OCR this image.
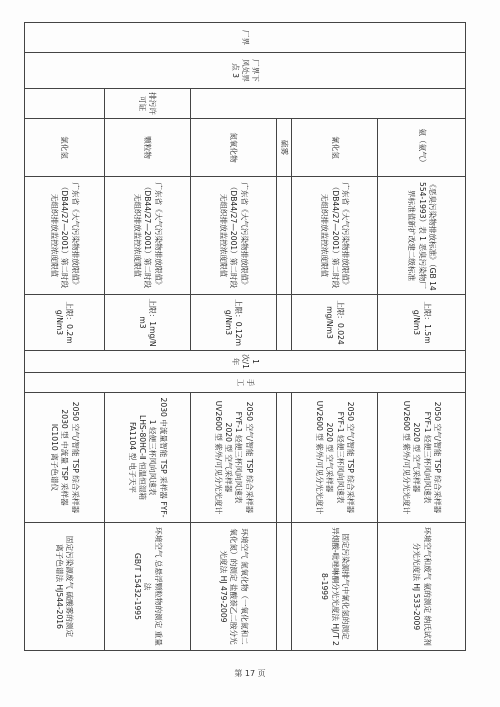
厂界	厂界下风处界点 3		氨（氨气）	《恶臭污染物排放标准》（GB 14554-1993）表 1 恶臭污染物厂界标准值新扩改建二级标准	上限：1.5mg/Nm3	1 次/1 年	手工	2050 空气/智能 TSP 综合采样器
FYF-1 轻便三杯风向风速表
2020 型 空气采样器
UV2600 型 紫外/可见分光光度计	环境空气和废气 氨的测定 纳氏试剂分光光度法 HJ 533-2009
			氰化氢	广东省《大气污染物排放限值》（DB44/27—2001）第二时段无组织排放监控浓度限值	上限：0.024mg/Nm3			2050 空气/智能 TSP 综合采样器
FYF-1 轻便三杯风向风速表
2020 型 空气采样器
UV2600 型 紫外/可见分光光度计	固定污染源排气中氰化氢的测定
异烟酸-吡唑啉酮分光光度法 HJ/T 28-1999
			硫雾						
			氮氧化物	广东省《大气污染物排放限值》（DB44/27—2001）第二时段无组织排放监控浓度限值	上限：0.12mg/Nm3			2050 空气/智能 TSP 综合采样器
FYF-1 轻便三杯风向风速表
2020 型 空气采样器
UV2600 型 紫外/可见分光光度计	环境空气 氮氧化物（一氧化氮和二氧化氮）的测定 盐酸萘乙二胺分光光度法 HJ 479-2009
		排污许可证	颗粒物	广东省《大气污染物排放限值》（DB44/27—2001）第二时段无组织排放监控浓度限值	上限：1mg/Nm3			2030 中流量智能 TSP 采样器 FYF-1 轻便三杯风向风速表
LHS-80HC-Ⅱ 恒温恒湿箱
FA1104 型 电子天平	环境空气 总悬浮颗粒物的测定 重量法
GB/T 15432-1995
			氯化氢	广东省《大气污染物排放限值》（DB44/27—2001）第二时段无组织排放监控浓度限值	上限：0.2mg/Nm3			2050 空气/智能 TSP 综合采样器
2030 型 中流量 TSP 采样器
IC1010 离子色谱仪	固定污染源废气 硫酸雾的测定
离子色谱法 HJ544-2016
第 17 页
